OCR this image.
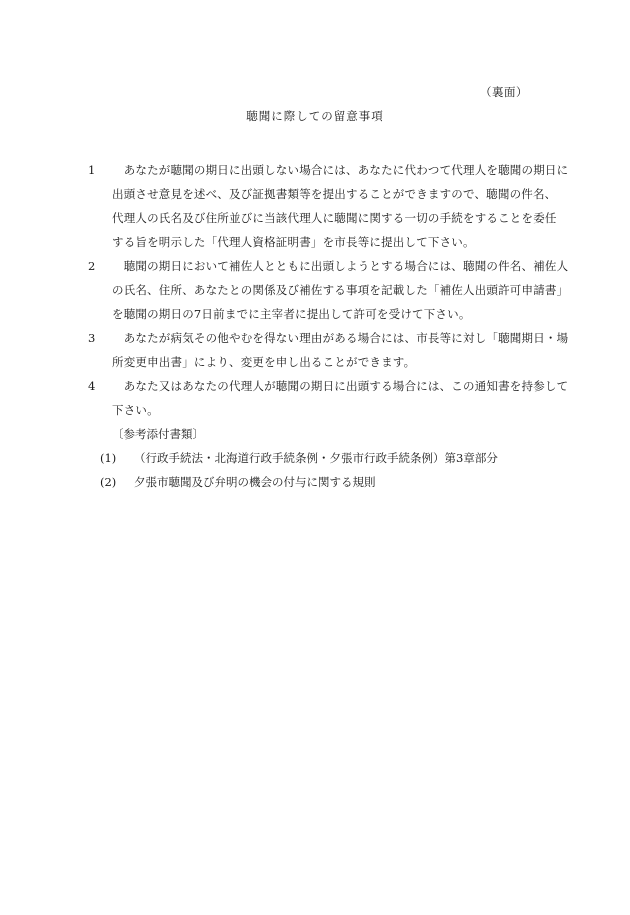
（裏面）
聴聞に際しての留意事項
1	　あなたが聴聞の期日に出頭しない場合には、あなたに代わつて代理人を聴聞の期日に
出頭させ意見を述べ、及び証拠書類等を提出することができますので、聴聞の件名、
代理人の氏名及び住所並びに当該代理人に聴聞に関する一切の手続をすることを委任
する旨を明示した「代理人資格証明書」を市長等に提出して下さい。
2	　聴聞の期日において補佐人とともに出頭しようとする場合には、聴聞の件名、補佐人
の氏名、住所、あなたとの関係及び補佐する事項を記載した「補佐人出頭許可申請書」
を聴聞の期日の7日前までに主宰者に提出して許可を受けて下さい。
3	　あなたが病気その他やむを得ない理由がある場合には、市長等に対し「聴聞期日・場
所変更申出書」により、変更を申し出ることができます。
4	　あなた又はあなたの代理人が聴聞の期日に出頭する場合には、この通知書を持参して
下さい。
〔参考添付書類〕
(1)	（行政手続法・北海道行政手続条例・夕張市行政手続条例）第3章部分
(2)	夕張市聴聞及び弁明の機会の付与に関する規則
